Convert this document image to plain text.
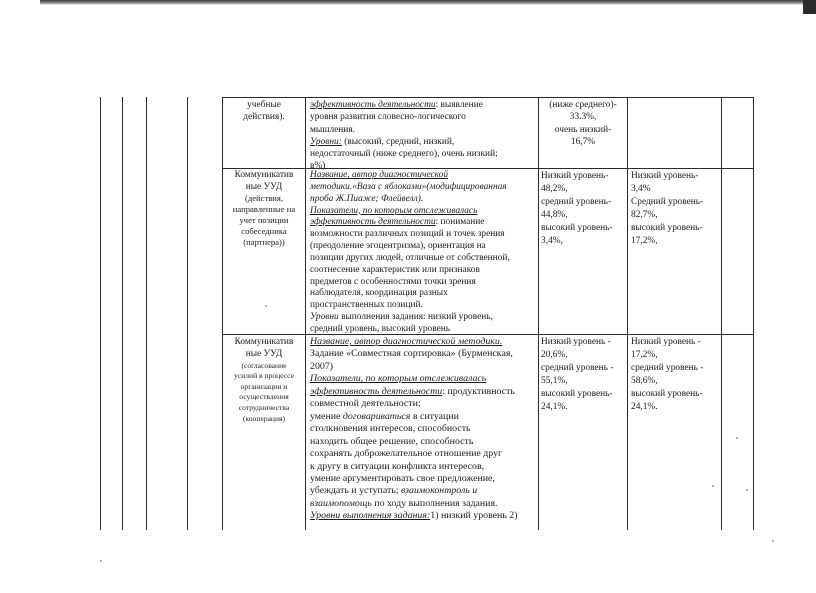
учебные
действия).
эффективность деятельности: выявление
уровня развития словесно-логического
мышления.
Уровни: (высокий, средний, низкий,
недостаточный (ниже среднего), очень низкий;
в%)
(ниже среднего)-
33.3%,
очень низкий-
16,7%
Коммуникатив
ные УУД
(действия,
направленные на
учет позиции
собеседника
(партнера))
Название, автор диагностической
методики.«Ваза с яблоками»(модифицированная
проба Ж.Пиаже; Флейвелл).
Показатели, по которым отслеживалась
эффективность деятельности: понимание
возможности различных позиций и точек зрения
(преодоление эгоцентризма), ориентация на
позиции других людей, отличные от собственной,
соотнесение характеристик или признаков
предметов с особенностями точки зрения
наблюдателя, координация разных
пространственных позиций.
Уровни выполнения задания: низкий уровень,
средний уровень, высокий уровень
Низкий уровень-
48,2%,
средний уровень-
44,8%,
высокий уровень-
3,4%,
Низкий уровень-
3,4%
Средний уровень-
82,7%,
высокий уровень-
17,2%,
Коммуникатив
ные УУД
(согласование
усилий в процессе
организации и
осуществления
сотрудничества
(кооперация)
Название, автор диагностической методики.
Задание «Совместная сортировка» (Бурменская,
2007)
Показатели, по которым отслеживалась
эффективность деятельности: продуктивность
совместной деятельности;
умение договариваться в ситуации
столкновения интересов, способность
находить общее решение, способность
сохранять доброжелательное отношение друг
к другу в ситуации конфликта интересов,
умение аргументировать свое предложение,
убеждать и уступать; взаимоконтроль и
взаимопомощь по ходу выполнения задания.
Уровни выполнения задания:1) низкий уровень 2)
Низкий уровень -
20,6%,
средний уровень -
55,1%,
высокий уровень-
24,1%.
Низкий уровень -
17,2%,
средний уровень -
58,6%,
высокий уровень-
24,1%.
